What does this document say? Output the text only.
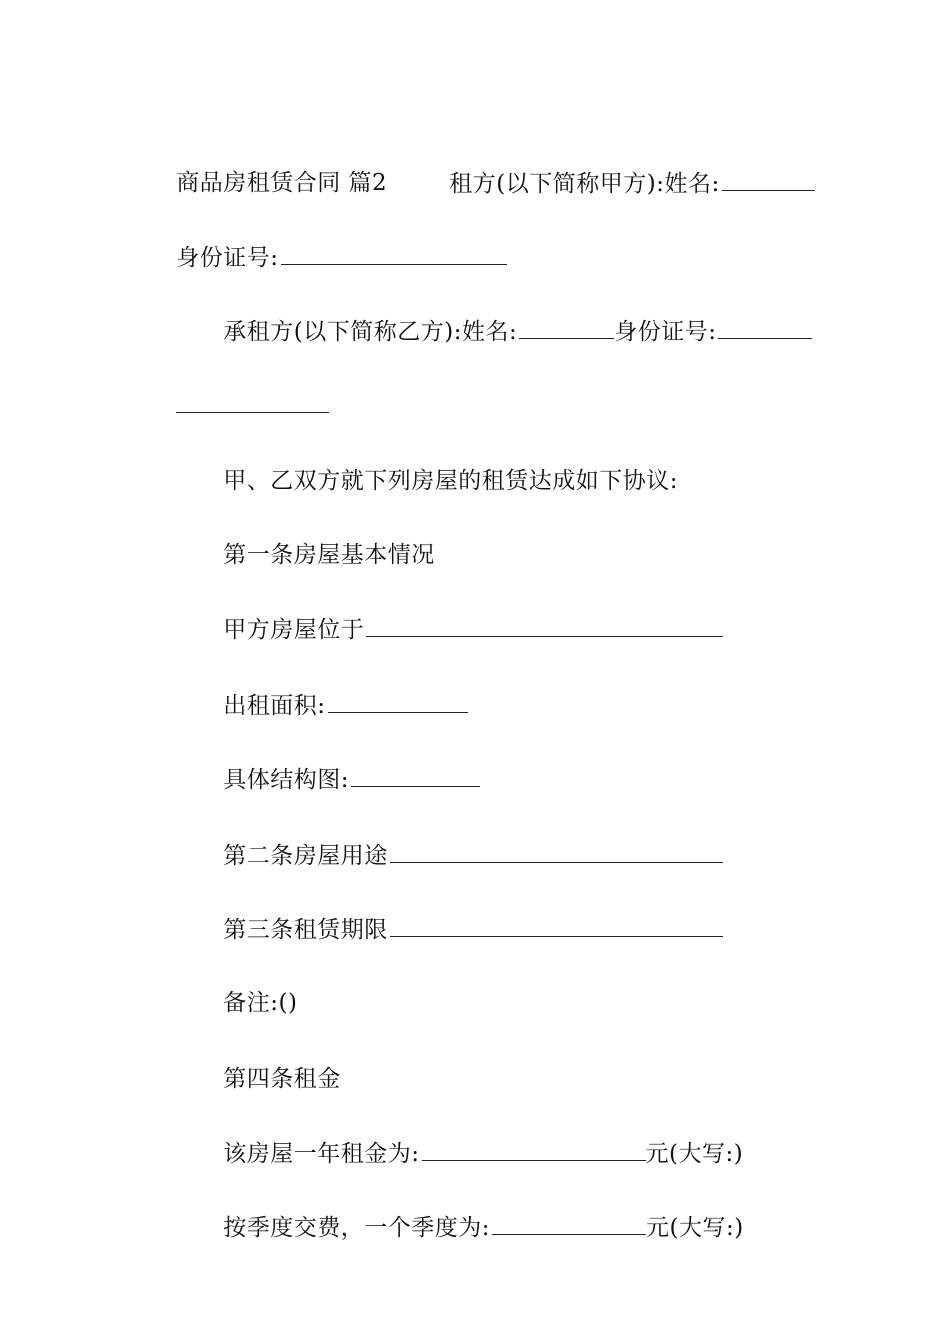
商品房租赁合同 篇2
	租方(以下简称甲方):姓名:

身份证号:

承租方(以下简称乙方):姓名:	身份证号:

甲、乙双方就下列房屋的租赁达成如下协议:

第一条房屋基本情况

甲方房屋位于

出租面积:

具体结构图:

第二条房屋用途

第三条租赁期限

备注:()

第四条租金

该房屋一年租金为:	元(大写:)

按季度交费，一个季度为:	元(大写:)
